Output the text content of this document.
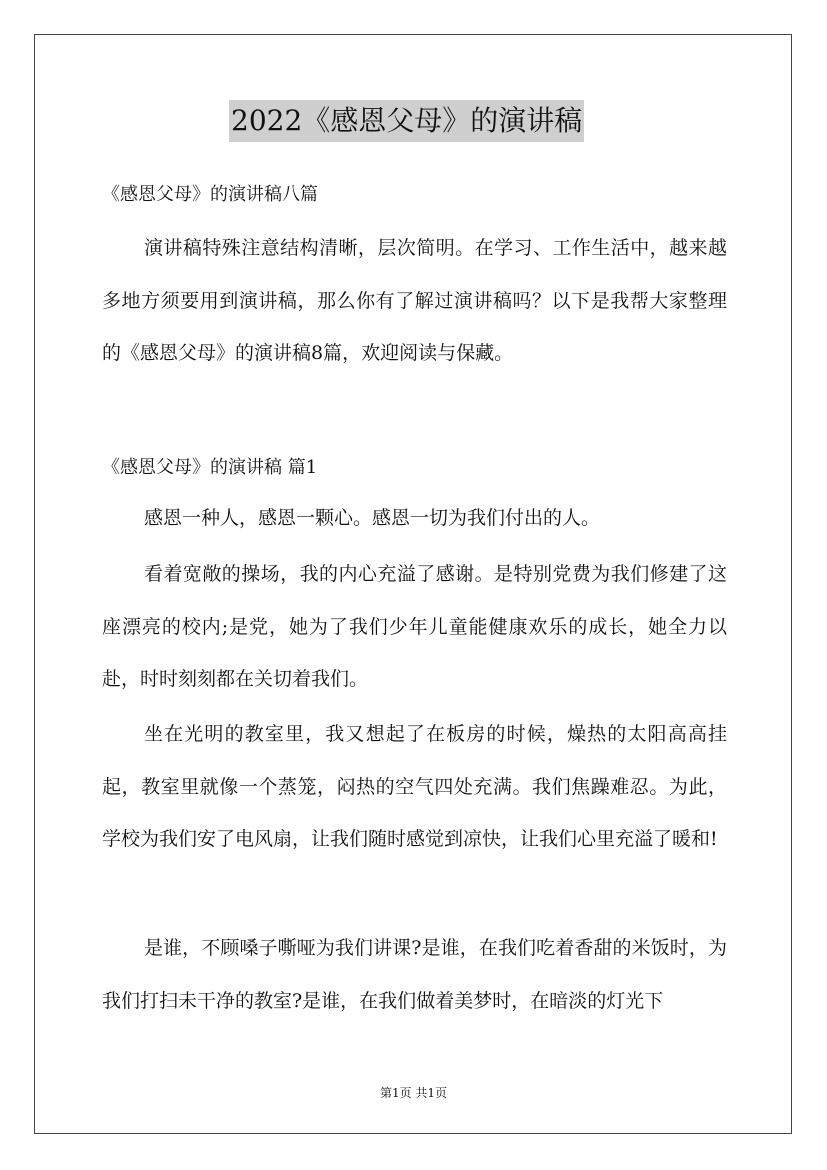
2022《感恩父母》的演讲稿
《感恩父母》的演讲稿八篇

演讲稿特殊注意结构清晰，层次简明。在学习、工作生活中，越来越多地方须要用到演讲稿，那么你有了解过演讲稿吗？以下是我帮大家整理的《感恩父母》的演讲稿8篇，欢迎阅读与保藏。

《感恩父母》的演讲稿 篇1

感恩一种人，感恩一颗心。感恩一切为我们付出的人。

看着宽敞的操场，我的内心充溢了感谢。是特别党费为我们修建了这座漂亮的校内;是党，她为了我们少年儿童能健康欢乐的成长，她全力以赴，时时刻刻都在关切着我们。

坐在光明的教室里，我又想起了在板房的时候，燥热的太阳高高挂起，教室里就像一个蒸笼，闷热的空气四处充满。我们焦躁难忍。为此，学校为我们安了电风扇，让我们随时感觉到凉快，让我们心里充溢了暖和!

是谁，不顾嗓子嘶哑为我们讲课?是谁，在我们吃着香甜的米饭时，为我们打扫未干净的教室?是谁，在我们做着美梦时，在暗淡的灯光下

第1页 共1页
